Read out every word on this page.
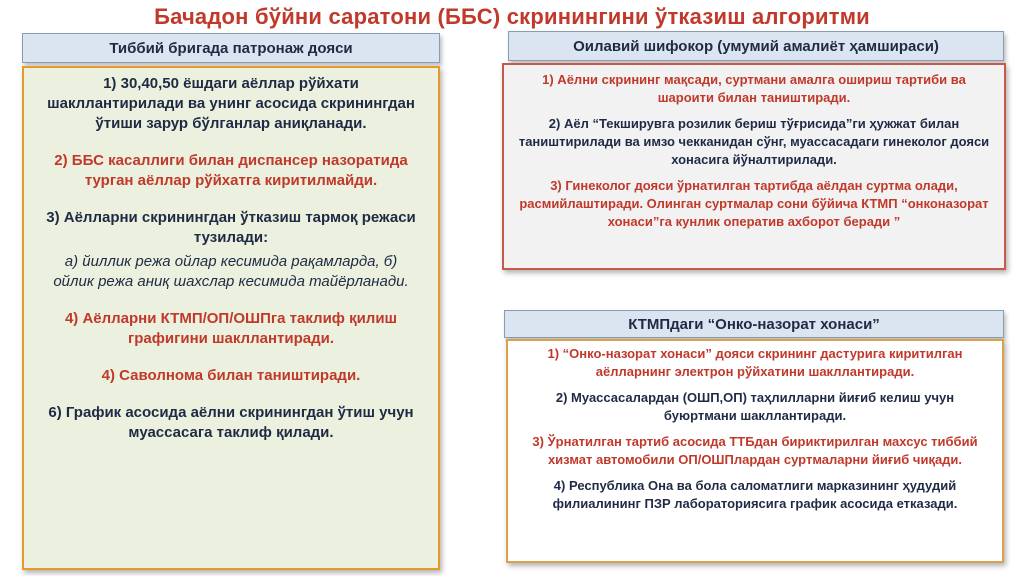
Бачадон бўйни саратони (ББС) скринингини ўтказиш алгоритми
Тиббий бригада патронаж дояси
1) 30,40,50 ёшдаги аёллар рўйхати шакллантирилади ва унинг асосида скринингдан ўтиши зарур бўлганлар аниқланади.
2) ББС касаллиги билан диспансер назоратида турган аёллар рўйхатга киритилмайди.
3) Аёлларни скринингдан ўтказиш тармоқ режаси тузилади:
а) йиллик режа ойлар кесимида рақамларда, б) ойлик режа аниқ шахслар кесимида тайёрланади.
4) Аёлларни КТМП/ОП/ОШПга таклиф қилиш графигини шакллантиради.
4) Саволнома билан таништиради.
6) График асосида аёлни скринингдан ўтиш учун муассасага таклиф қилади.
Оилавий шифокор (умумий амалиёт ҳамшираси)
1) Аёлни скрининг мақсади, суртмани амалга ошириш тартиби ва шароити билан таништиради.
2) Аёл “Текширувга розилик бериш тўғрисида”ги ҳужжат билан таништирилади ва имзо чекканидан сўнг, муассасадаги гинеколог дояси хонасига йўналтирилади.
3) Гинеколог дояси ўрнатилган тартибда аёлдан суртма олади, расмийлаштиради. Олинган суртмалар сони бўйича КТМП “онконазорат хонаси”га кунлик оператив ахборот беради ”
КТМПдаги “Онко-назорат хонаси”
1) “Онко-назорат хонаси” дояси скрининг дастурига киритилган аёлларнинг электрон рўйхатини шакллантиради.
2) Муассасалардан (ОШП,ОП) таҳлилларни йиғиб келиш учун буюртмани шакллантиради.
3) Ўрнатилган тартиб асосида ТТБдан бириктирилган махсус тиббий хизмат автомобили ОП/ОШПлардан суртмаларни йиғиб чиқади.
4) Республика Она ва бола саломатлиги марказининг ҳудудий филиалининг ПЗР лабораториясига график асосида етказади.
